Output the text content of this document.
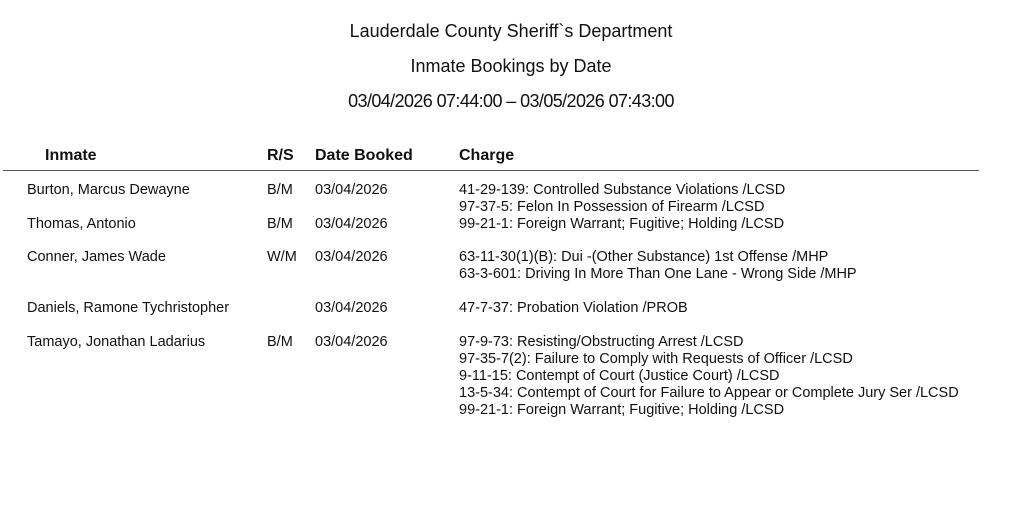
Lauderdale County Sheriff`s Department
Inmate Bookings by Date
03/04/2026 07:44:00 – 03/05/2026 07:43:00
Inmate	R/S Date Booked	Charge
Burton, Marcus Dewayne	B/M 03/04/2026	41-29-139: Controlled Substance Violations /LCSD
97-37-5: Felon In Possession of Firearm /LCSD
Thomas, Antonio	B/M 03/04/2026	99-21-1: Foreign Warrant; Fugitive; Holding /LCSD
Conner, James Wade	W/M 03/04/2026	63-11-30(1)(B): Dui -(Other Substance) 1st Offense /MHP
63-3-601: Driving In More Than One Lane - Wrong Side /MHP
Daniels, Ramone Tychristopher	03/04/2026	47-7-37: Probation Violation /PROB
Tamayo, Jonathan Ladarius	B/M 03/04/2026	97-9-73: Resisting/Obstructing Arrest /LCSD
97-35-7(2): Failure to Comply with Requests of Officer /LCSD
9-11-15: Contempt of Court (Justice Court) /LCSD
13-5-34: Contempt of Court for Failure to Appear or Complete Jury Ser /LCSD
99-21-1: Foreign Warrant; Fugitive; Holding /LCSD
